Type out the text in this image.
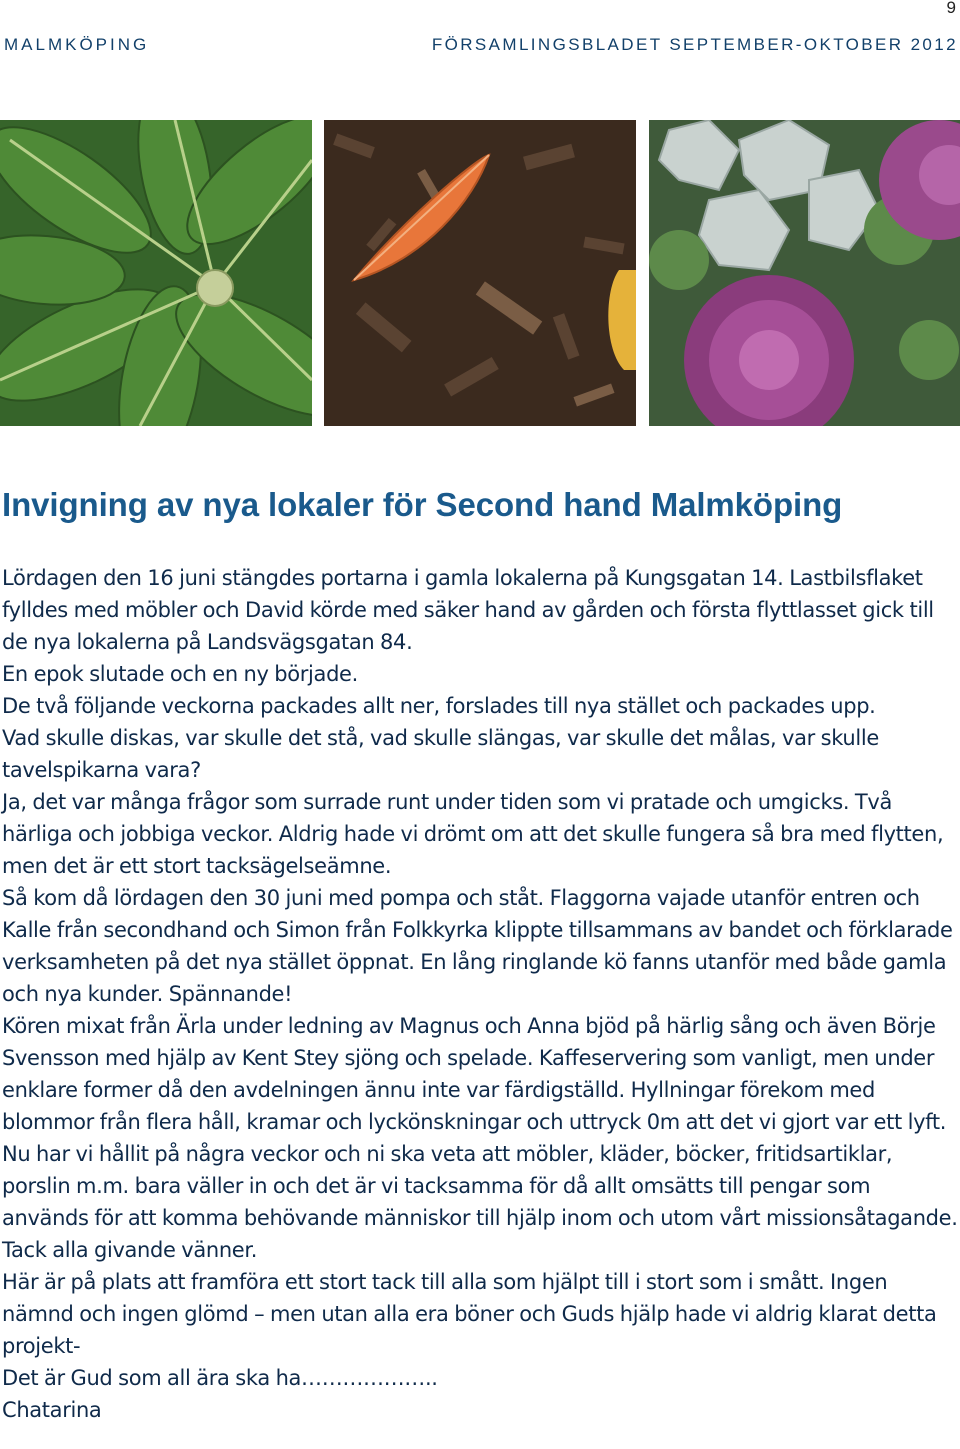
9
MALMKÖPING	FÖRSAMLINGSBLADET SEPTEMBER-OKTOBER 2012
Invigning av nya lokaler för Second hand Malmköping

Lördagen den 16 juni stängdes portarna i gamla lokalerna på Kungsgatan 14. Lastbilsflaket fylldes med möbler och David körde med säker hand av gården och första flyttlasset gick till de nya lokalerna på Landsvägsgatan 84.

En epok slutade och en ny började.

De två följande veckorna packades allt ner, forslades till nya stället och packades upp.

Vad skulle diskas, var skulle det stå, vad skulle slängas, var skulle det målas, var skulle tavelspikarna vara?

Ja, det var många frågor som surrade runt under tiden som vi pratade och umgicks. Två härliga och jobbiga veckor. Aldrig hade vi drömt om att det skulle fungera så bra med flytten, men det är ett stort tacksägelseämne.

Så kom då lördagen den 30 juni med pompa och ståt. Flaggorna vajade utanför entren och Kalle från secondhand och Simon från Folkkyrka klippte tillsammans av bandet och förklarade verksamheten på det nya stället öppnat. En lång ringlande kö fanns utanför med både gamla och nya kunder. Spännande!

Kören mixat från Ärla under ledning av Magnus och Anna bjöd på härlig sång och även Börje Svensson med hjälp av Kent Stey sjöng och spelade. Kaffeservering som vanligt, men under enklare former då den avdelningen ännu inte var färdigställd. Hyllningar förekom med blommor från flera håll, kramar och lyckönskningar och uttryck 0m att det vi gjort var ett lyft.

Nu har vi hållit på några veckor och ni ska veta att möbler, kläder, böcker, fritidsartiklar, porslin m.m. bara väller in och det är vi tacksamma för då allt omsätts till pengar som används för att komma behövande människor till hjälp inom och utom vårt missionsåtagande. Tack alla givande vänner.

Här är på plats att framföra ett stort tack till alla som hjälpt till i stort som i smått. Ingen nämnd och ingen glömd – men utan alla era böner och Guds hjälp hade vi aldrig klarat detta projekt-

Det är Gud som all ära ska ha………………..

Chatarina
